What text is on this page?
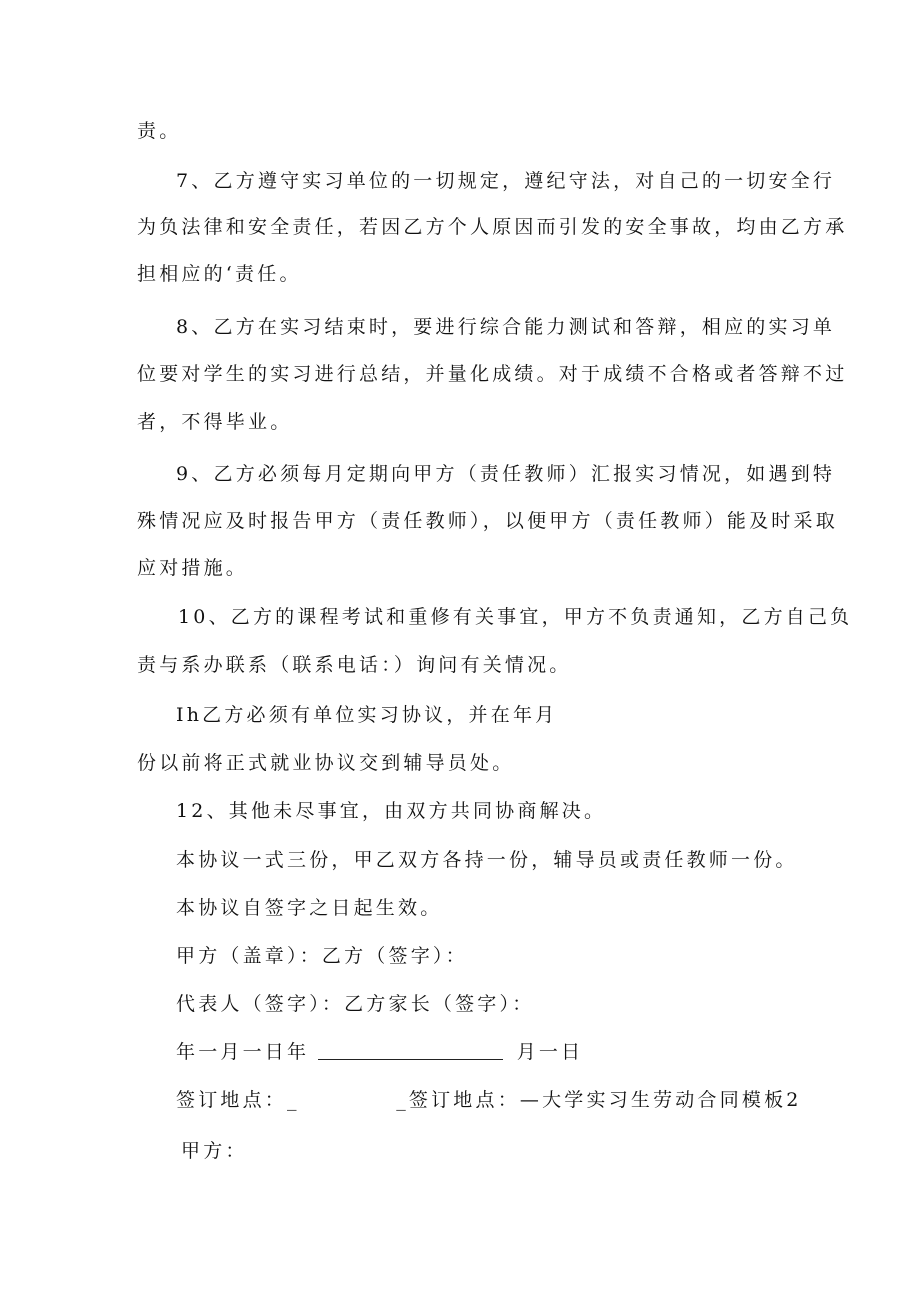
责。
7、乙方遵守实习单位的一切规定，遵纪守法，对自己的一切安全行
为负法律和安全责任，若因乙方个人原因而引发的安全事故，均由乙方承
担相应的‘责任。
8、乙方在实习结束时，要进行综合能力测试和答辩，相应的实习单
位要对学生的实习进行总结，并量化成绩。对于成绩不合格或者答辩不过
者，不得毕业。
9、乙方必须每月定期向甲方（责任教师）汇报实习情况，如遇到特
殊情况应及时报告甲方（责任教师），以便甲方（责任教师）能及时采取
应对措施。
10、乙方的课程考试和重修有关事宜，甲方不负责通知，乙方自己负
责与系办联系（联系电话：）询问有关情况。
Ih乙方必须有单位实习协议，并在年月
份以前将正式就业协议交到辅导员处。
12、其他未尽事宜，由双方共同协商解决。
本协议一式三份，甲乙双方各持一份，辅导员或责任教师一份。
本协议自签字之日起生效。
甲方（盖章）：乙方（签字）：
代表人（签字）：乙方家长（签字）：
年一月一日年	月一日
签订地点：_	_签订地点：—大学实习生劳动合同模板2
甲方：
